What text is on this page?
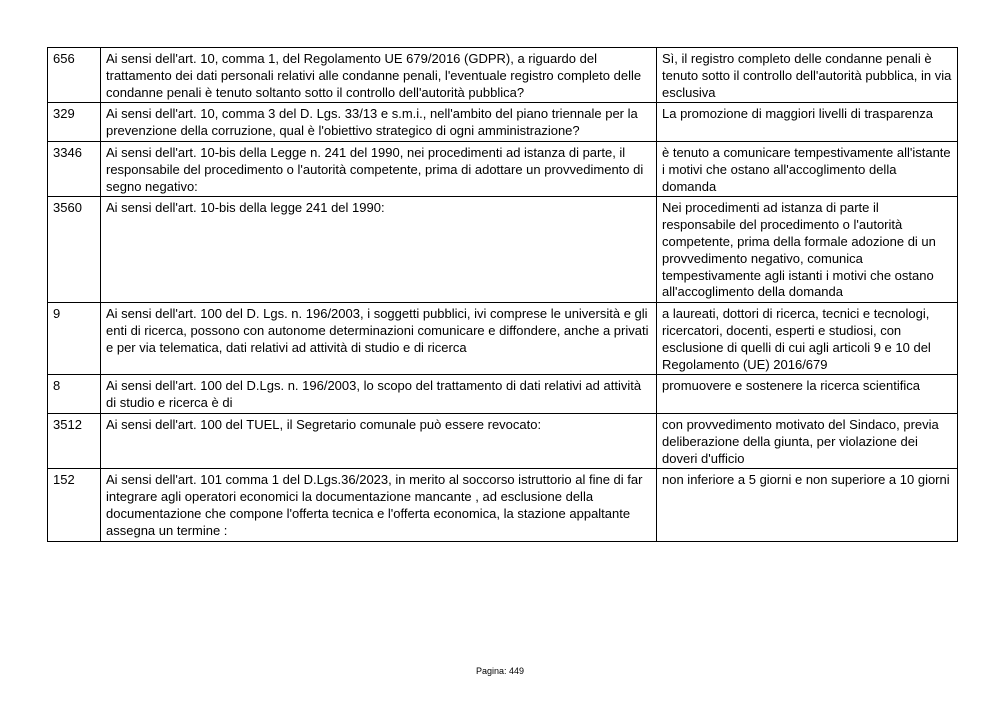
656	Ai sensi dell'art. 10, comma 1, del Regolamento UE 679/2016 (GDPR), a riguardo del trattamento dei dati personali relativi alle condanne penali, l'eventuale registro completo delle condanne penali è tenuto soltanto sotto il controllo dell'autorità pubblica?	Sì, il registro completo delle condanne penali è tenuto sotto il controllo dell'autorità pubblica, in via esclusiva
329	Ai sensi dell'art. 10, comma 3 del D. Lgs. 33/13 e s.m.i., nell'ambito del piano triennale per la prevenzione della corruzione, qual è l'obiettivo strategico di ogni amministrazione?	La promozione di maggiori livelli di trasparenza
3346	Ai sensi dell'art. 10-bis della Legge n. 241 del 1990, nei procedimenti ad istanza di parte, il responsabile del procedimento o l'autorità competente, prima di adottare un provvedimento di segno negativo:	è tenuto a comunicare tempestivamente all'istante i motivi che ostano all'accoglimento della domanda
3560	Ai sensi dell'art. 10-bis della legge 241 del 1990:	Nei procedimenti ad istanza di parte il responsabile del procedimento o l'autorità competente, prima della formale adozione di un provvedimento negativo, comunica tempestivamente agli istanti i motivi che ostano all'accoglimento della domanda
9	Ai sensi dell'art. 100 del D. Lgs. n. 196/2003, i soggetti pubblici, ivi comprese le università e gli enti di ricerca, possono con autonome determinazioni comunicare e diffondere, anche a privati e per via telematica, dati relativi ad attività di studio e di ricerca	a laureati, dottori di ricerca, tecnici e tecnologi, ricercatori, docenti, esperti e studiosi, con esclusione di quelli di cui agli articoli 9 e 10 del Regolamento (UE) 2016/679
8	Ai sensi dell'art. 100 del D.Lgs. n. 196/2003, lo scopo del trattamento di dati relativi ad attività di studio e ricerca è di	promuovere e sostenere la ricerca scientifica
3512	Ai sensi dell'art. 100 del TUEL, il Segretario comunale può essere revocato:	con provvedimento motivato del Sindaco, previa deliberazione della giunta, per violazione dei doveri d'ufficio
152	Ai sensi dell'art. 101 comma 1 del D.Lgs.36/2023, in merito al soccorso istruttorio al fine di far integrare agli operatori economici la documentazione mancante , ad esclusione della documentazione che compone l'offerta tecnica e l'offerta economica, la stazione appaltante assegna un termine :	non inferiore a 5 giorni e non superiore a 10 giorni
Pagina: 449
